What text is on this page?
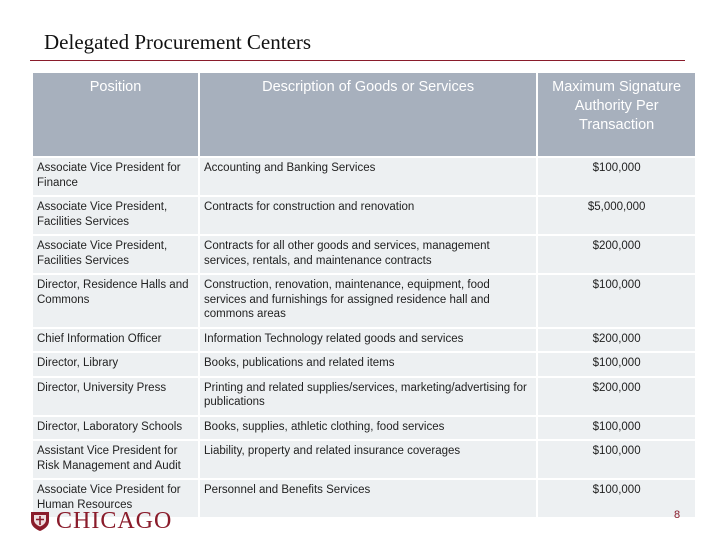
Delegated Procurement Centers
Position	Description of Goods or Services	Maximum Signature Authority Per Transaction
Associate Vice President for Finance	Accounting and Banking Services	$100,000
Associate Vice President, Facilities Services	Contracts for construction and renovation	$5,000,000
Associate Vice President, Facilities Services	Contracts for all other goods and services, management services, rentals, and maintenance contracts	$200,000
Director, Residence Halls and Commons	Construction, renovation, maintenance, equipment, food services and furnishings for assigned residence hall and commons areas	$100,000
Chief Information Officer	Information Technology related goods and services	$200,000
Director, Library	Books, publications and related items	$100,000
Director, University Press	Printing and related supplies/services, marketing/advertising for publications	$200,000
Director, Laboratory Schools	Books, supplies, athletic clothing, food services	$100,000
Assistant Vice President for Risk Management and Audit	Liability, property and related insurance coverages	$100,000
Associate Vice President for Human Resources	Personnel and Benefits Services	$100,000
CHICAGO	8
